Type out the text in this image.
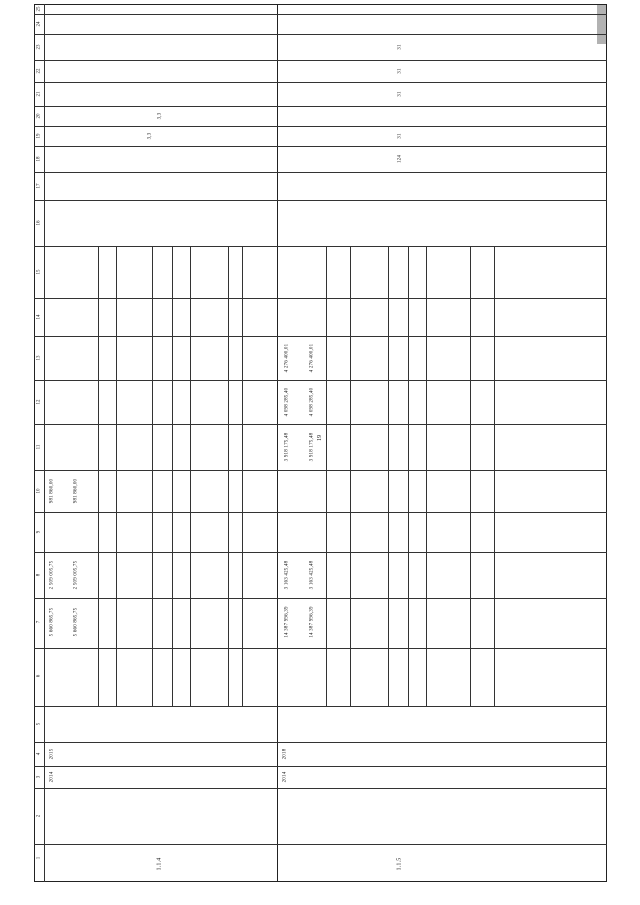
19
1
2
3
4
5
6
7
8
9
10
11
12
13
14
15
16
17
18
19
20
21
22
23
24
25
1.1.4	1.1.5
2014
2015
2014
2018
5 660 865,75
2 509 005,75
981 860,00
5 660 865,75
2 509 005,75
981 860,00
14 387 996,39
3 163 425,48
3 918 175,48
4 098 285,40
4 276 400,01
14 387 996,39
3 163 425,48
3 918 175,48
4 098 285,40
4 276 400,01
3,3
3,3
124
31
31
31
31
